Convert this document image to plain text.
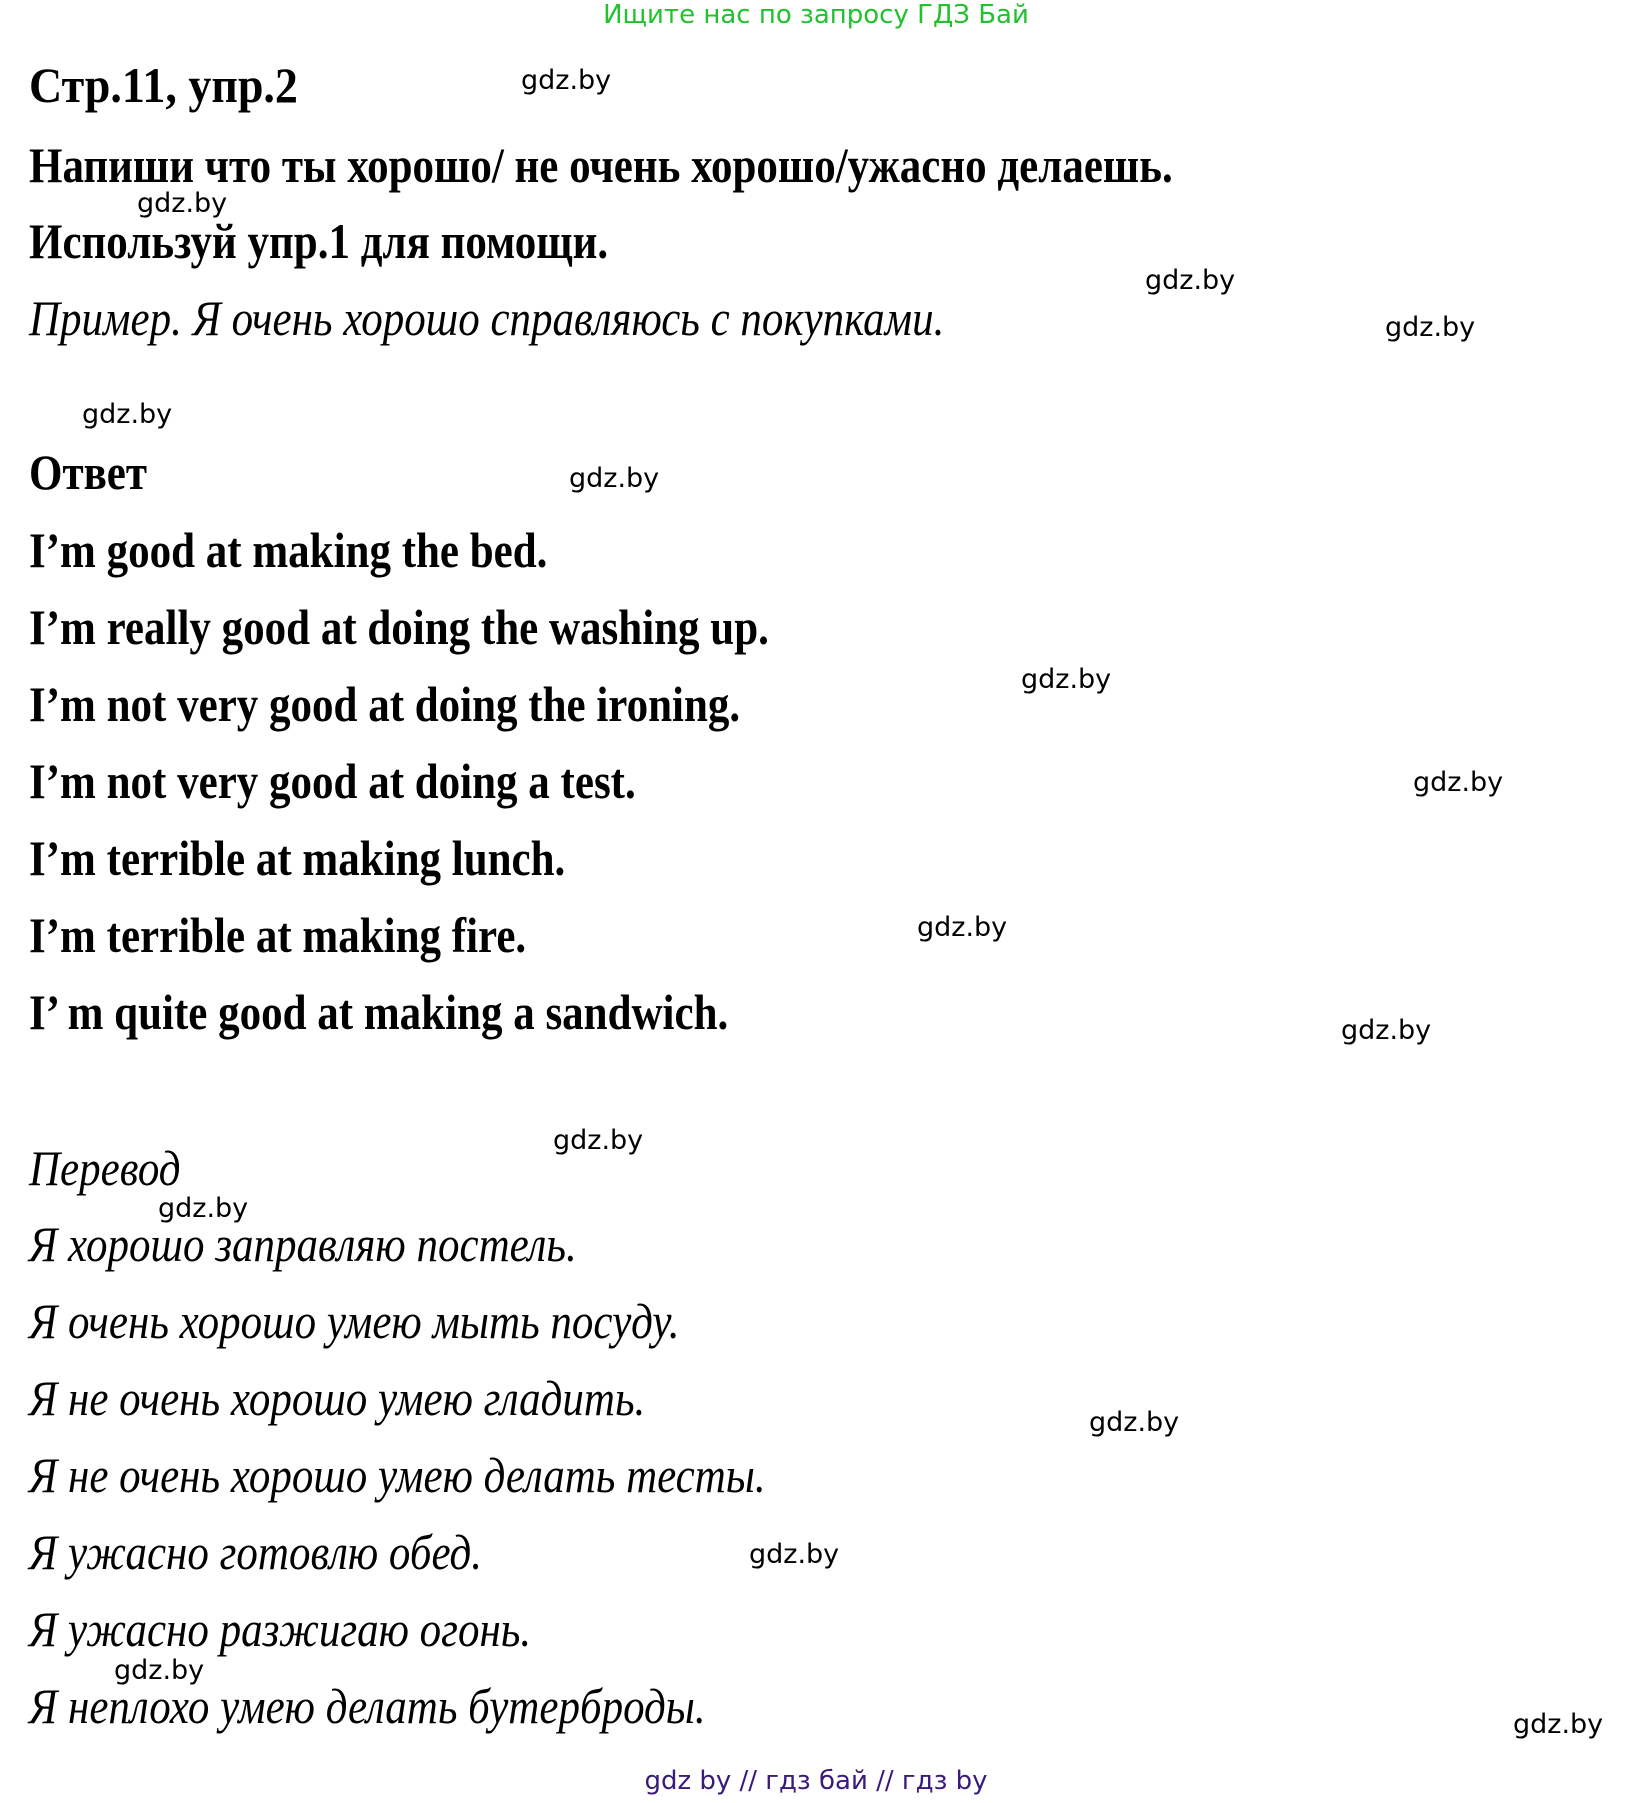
Ищите нас по запросу ГДЗ Бай
Стр.11, упр.2
Напиши что ты хорошо/ не очень хорошо/ужасно делаешь.
Используй упр.1 для помощи.
Пример. Я очень хорошо справляюсь с покупками.
Ответ
I’m good at making the bed.
I’m really good at doing the washing up.
I’m not very good at doing the ironing.
I’m not very good at doing a test.
I’m terrible at making lunch.
I’m terrible at making fire.
I’ m quite good at making a sandwich.
Перевод
Я хорошо заправляю постель.
Я очень хорошо умею мыть посуду.
Я не очень хорошо умею гладить.
Я не очень хорошо умею делать тесты.
Я ужасно готовлю обед.
Я ужасно разжигаю огонь.
Я неплохо умею делать бутерброды.
gdz.by
gdz.by
gdz.by
gdz.by
gdz.by
gdz.by
gdz.by
gdz.by
gdz.by
gdz.by
gdz.by
gdz.by
gdz.by
gdz.by
gdz.by
gdz.by
gdz by // гдз бай // гдз by
